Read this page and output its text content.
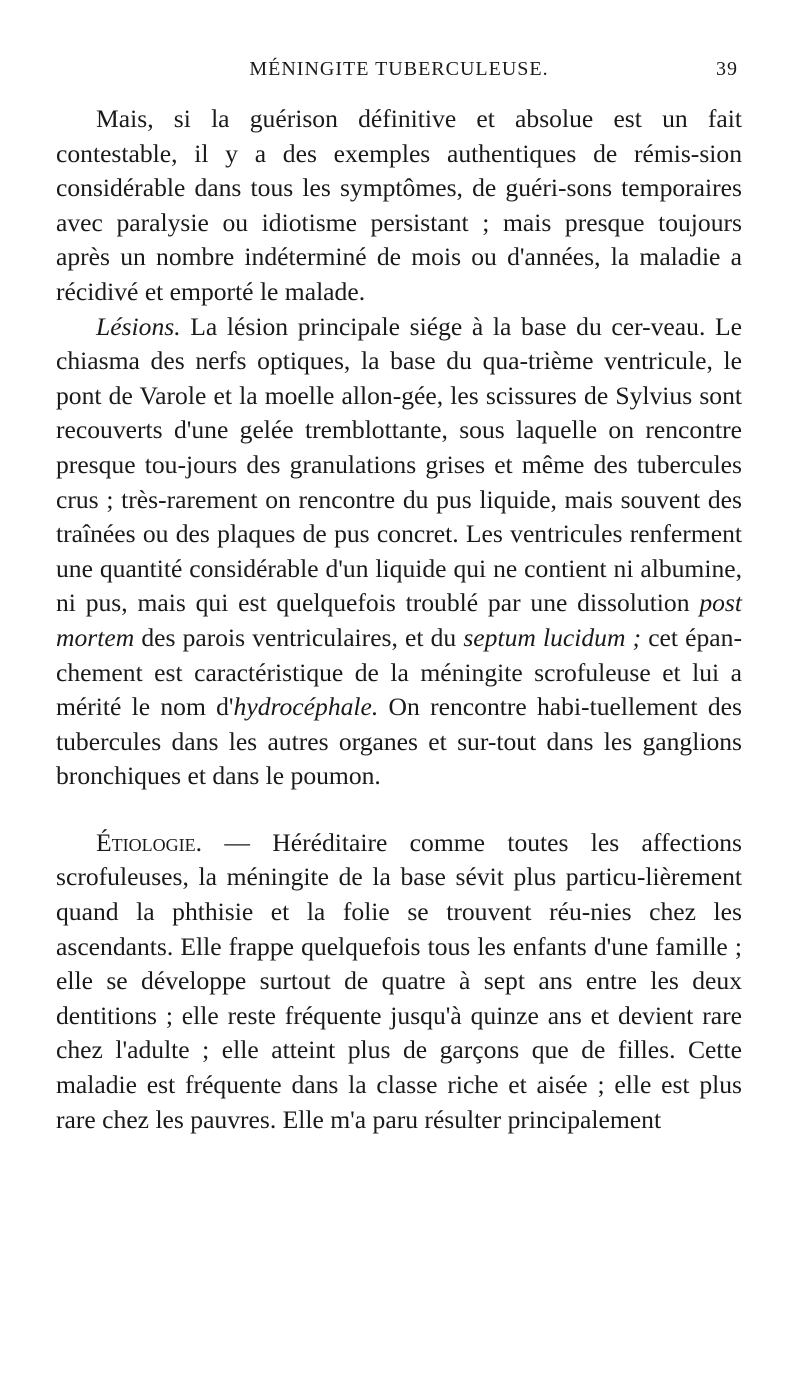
MÉNINGITE TUBERCULEUSE.	39

Mais, si la guérison définitive et absolue est un fait contestable, il y a des exemples authentiques de rémis-sion considérable dans tous les symptômes, de guéri-sons temporaires avec paralysie ou idiotisme persistant ; mais presque toujours après un nombre indéterminé de mois ou d'années, la maladie a récidivé et emporté le malade.

Lésions. La lésion principale siége à la base du cer-veau. Le chiasma des nerfs optiques, la base du qua-trième ventricule, le pont de Varole et la moelle allon-gée, les scissures de Sylvius sont recouverts d'une gelée tremblottante, sous laquelle on rencontre presque tou-jours des granulations grises et même des tubercules crus ; très-rarement on rencontre du pus liquide, mais souvent des traînées ou des plaques de pus concret. Les ventricules renferment une quantité considérable d'un liquide qui ne contient ni albumine, ni pus, mais qui est quelquefois troublé par une dissolution post mortem des parois ventriculaires, et du septum lucidum ; cet épan-chement est caractéristique de la méningite scrofuleuse et lui a mérité le nom d'hydrocéphale. On rencontre habi-tuellement des tubercules dans les autres organes et sur-tout dans les ganglions bronchiques et dans le poumon.

Étiologie. — Héréditaire comme toutes les affections scrofuleuses, la méningite de la base sévit plus particu-lièrement quand la phthisie et la folie se trouvent réu-nies chez les ascendants. Elle frappe quelquefois tous les enfants d'une famille ; elle se développe surtout de quatre à sept ans entre les deux dentitions ; elle reste fréquente jusqu'à quinze ans et devient rare chez l'adulte ; elle atteint plus de garçons que de filles. Cette maladie est fréquente dans la classe riche et aisée ; elle est plus rare chez les pauvres. Elle m'a paru résulter principalement
